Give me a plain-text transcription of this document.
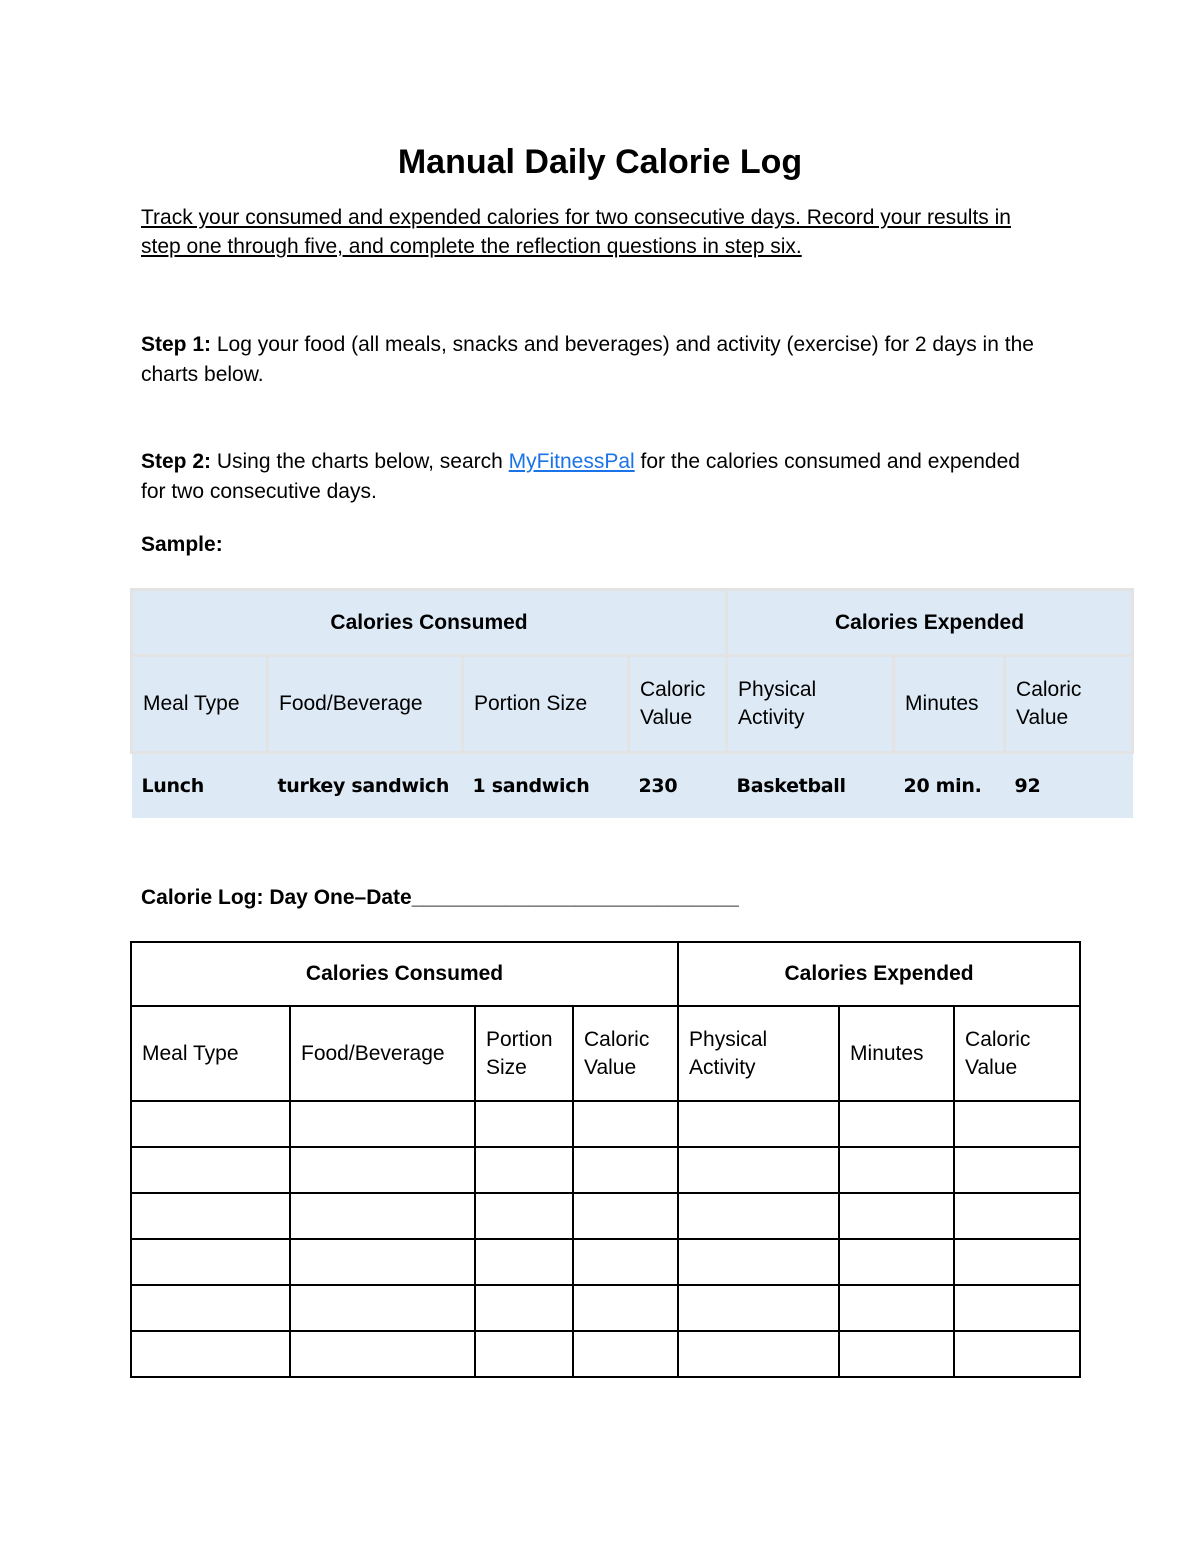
Manual Daily Calorie Log
Track your consumed and expended calories for two consecutive days. Record your results in step one through five, and complete the reflection questions in step six.
Step 1: Log your food (all meals, snacks and beverages) and activity (exercise) for 2 days in the charts below.
Step 2: Using the charts below, search MyFitnessPal for the calories consumed and expended for two consecutive days.
Sample:
Calories Consumed				Calories Expended		
Meal Type	Food/Beverage	Portion Size	Caloric Value	Physical Activity	Minutes	Caloric Value
Lunch	turkey sandwich	1 sandwich	230	Basketball	20 min.	92
Calorie Log: Day One–Date____________________________
Calories Consumed				Calories Expended		
Meal Type	Food/Beverage	Portion Size	Caloric Value	Physical Activity	Minutes	Caloric Value
